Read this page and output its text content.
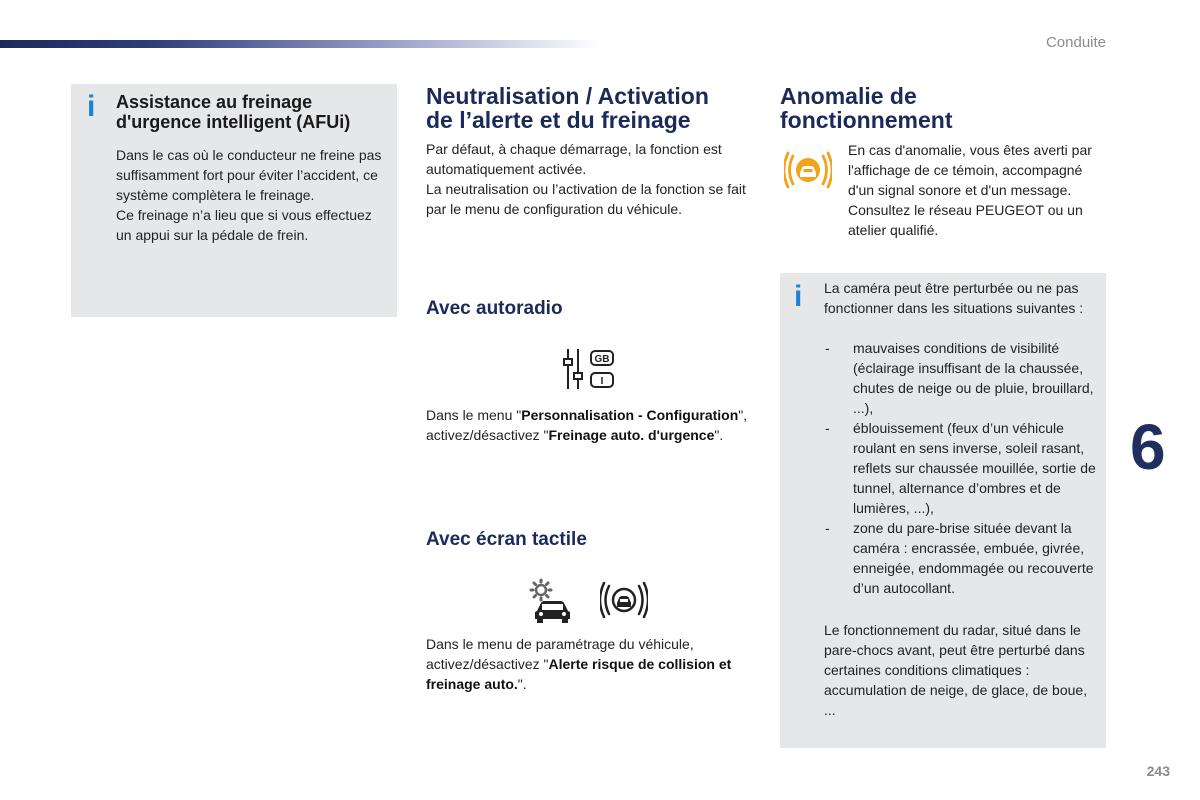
Conduite
6
243
i Assistance au freinage d'urgence intelligent (AFUi)

Dans le cas où le conducteur ne freine pas suffisamment fort pour éviter l’accident, ce système complètera le freinage.
Ce freinage n’a lieu que si vous effectuez un appui sur la pédale de frein.

Neutralisation / Activation
de l’alerte et du freinage
Par défaut, à chaque démarrage, la fonction est automatiquement activée.
La neutralisation ou l’activation de la fonction se fait par le menu de configuration du véhicule.
Avec autoradio
GB
I
Dans le menu "Personnalisation - Configuration", activez/désactivez "Freinage auto. d'urgence".
Avec écran tactile
Dans le menu de paramétrage du véhicule, activez/désactivez "Alerte risque de collision et freinage auto.".
Anomalie de
fonctionnement
En cas d'anomalie, vous êtes averti par l'affichage de ce témoin, accompagné d'un signal sonore et d'un message.
Consultez le réseau PEUGEOT ou un atelier qualifié.
i La caméra peut être perturbée ou ne pas fonctionner dans les situations suivantes :
- mauvaises conditions de visibilité (éclairage insuffisant de la chaussée, chutes de neige ou de pluie, brouillard, ...),
- éblouissement (feux d’un véhicule roulant en sens inverse, soleil rasant, reflets sur chaussée mouillée, sortie de tunnel, alternance d’ombres et de lumières, ...),
- zone du pare-brise située devant la caméra : encrassée, embuée, givrée, enneigée, endommagée ou recouverte d’un autocollant.
Le fonctionnement du radar, situé dans le pare-chocs avant, peut être perturbé dans certaines conditions climatiques : accumulation de neige, de glace, de boue, ...
